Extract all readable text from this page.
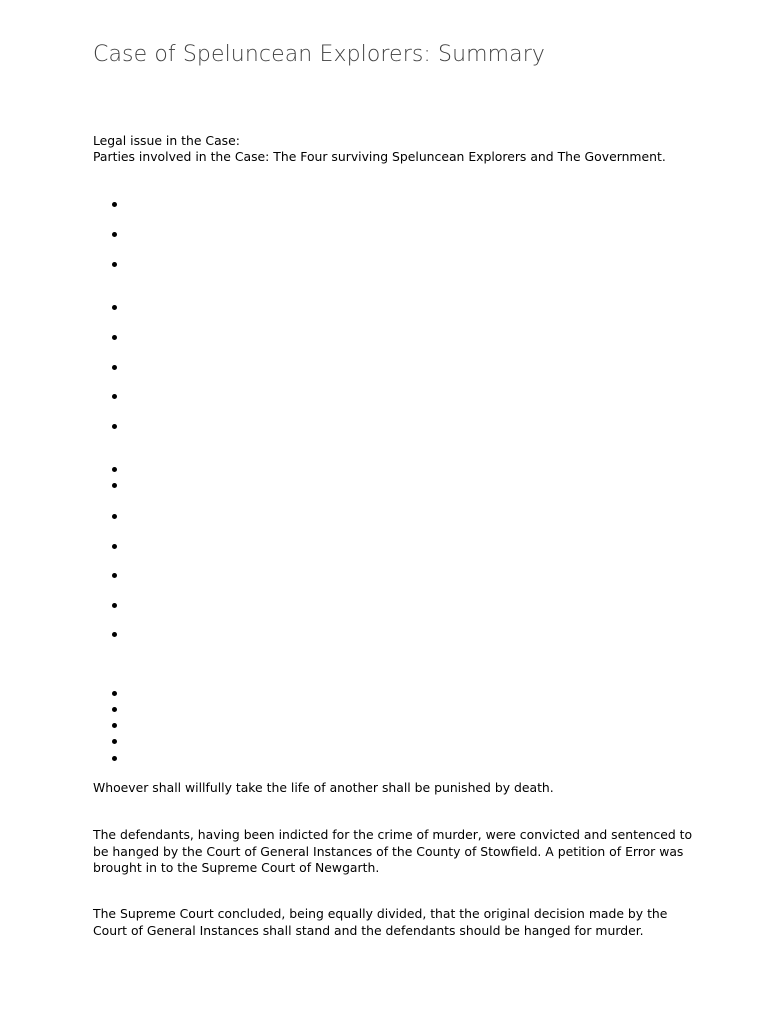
Case of Speluncean Explorers: Summary
Legal issue in the Case:
Parties involved in the Case: The Four surviving Speluncean Explorers and The Government.
Whoever shall willfully take the life of another shall be punished by death.
The defendants, having been indicted for the crime of murder, were convicted and sentenced to be hanged by the Court of General Instances of the County of Stowfield. A petition of Error was brought in to the Supreme Court of Newgarth.
The Supreme Court concluded, being equally divided, that the original decision made by the Court of General Instances shall stand and the defendants should be hanged for murder.
